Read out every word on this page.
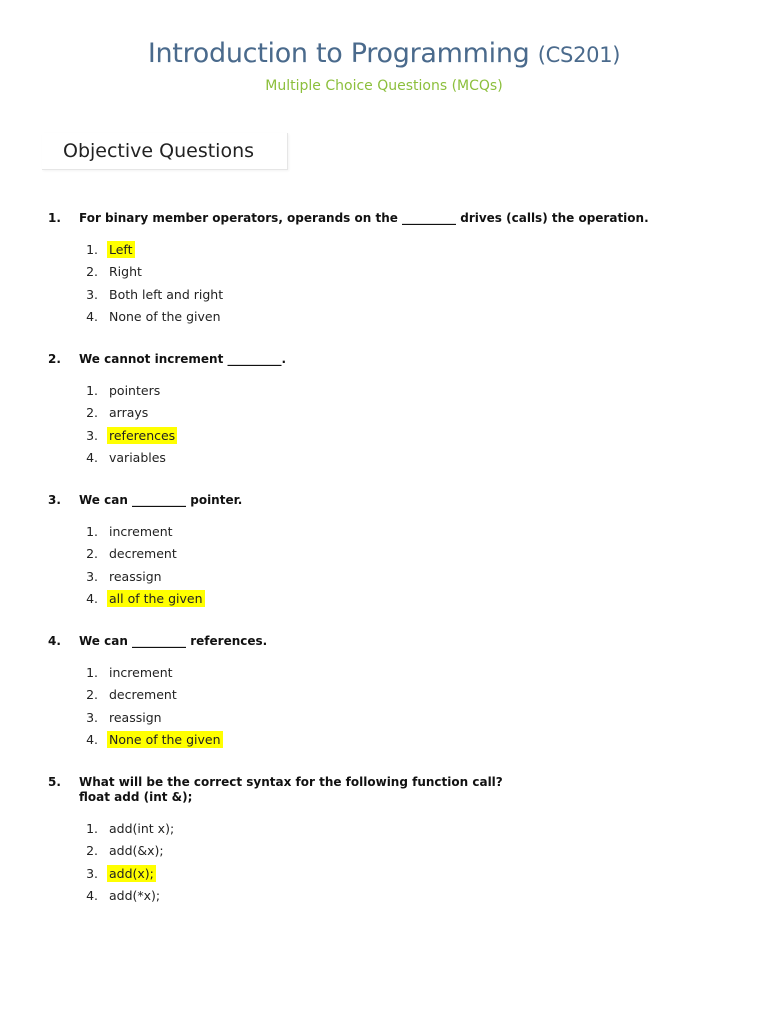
Introduction to Programming (CS201)
Multiple Choice Questions (MCQs)
Objective Questions
1.	For binary member operators, operands on the _________ drives (calls) the operation.
1. Left
2. Right
3. Both left and right
4. None of the given
2.	We cannot increment _________.
1. pointers
2. arrays
3. references
4. variables
3.	We can _________ pointer.
1. increment
2. decrement
3. reassign
4. all of the given
4.	We can _________ references.
1. increment
2. decrement
3. reassign
4. None of the given
5.	What will be the correct syntax for the following function call?
float add (int &);
1. add(int x);
2. add(&x);
3. add(x);
4. add(*x);
